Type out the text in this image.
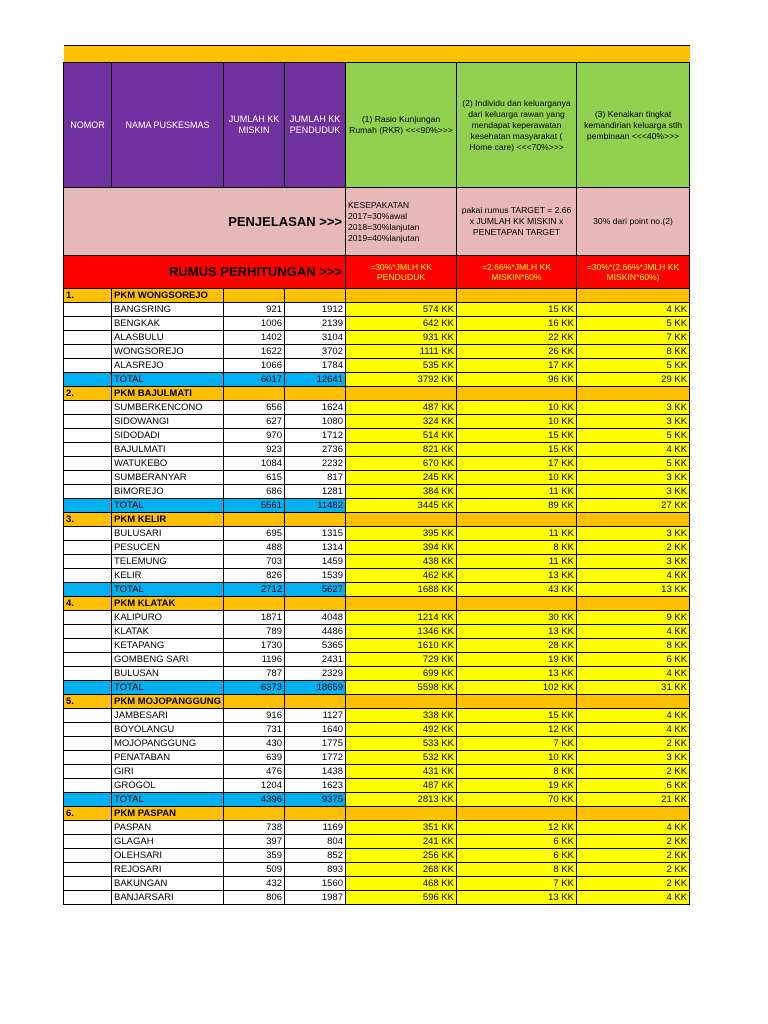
NOMOR	NAMA PUSKESMAS	JUMLAH KK MISKIN	JUMLAH KK PENDUDUK	(1) Rasio Kunjungan Rumah (RKR) <<<90%>>>	(2) Individu dan keluarganya dari keluarga rawan yang mendapat keperawatan kesehatan masyarakat ( Home care) <<<70%>>>	(3) Kenaikan tingkat kemandirian keluarga stlh pembinaan <<<40%>>>
PENJELASAN >>>				KESEPAKATAN 2017=30%awal 2018=30%lanjutan 2019=40%lanjutan	pakai rumus TARGET = 2.66 x JUMLAH KK MISKIN x PENETAPAN TARGET	30% dari point no.(2)
RUMUS PERHITUNGAN >>>				=30%*JMLH KK PENDUDUK	=2.66%*JMLH KK MISKIN*60%	=30%*(2.66%*JMLH KK MISKIN*60%)
1.	PKM WONGSOREJO					
	BANGSRING	921	1912	574 KK	15 KK	4 KK
	BENGKAK	1006	2139	642 KK	16 KK	5 KK
	ALASBULU	1402	3104	931 KK	22 KK	7 KK
	WONGSOREJO	1622	3702	1111 KK	26 KK	8 KK
	ALASREJO	1066	1784	535 KK	17 KK	5 KK
	TOTAL	6017	12641	3792 KK	96 KK	29 KK
2.	PKM BAJULMATI					
	SUMBERKENCONO	656	1624	487 KK	10 KK	3 KK
	SIDOWANGI	627	1080	324 KK	10 KK	3 KK
	SIDODADI	970	1712	514 KK	15 KK	5 KK
	BAJULMATI	923	2736	821 KK	15 KK	4 KK
	WATUKEBO	1084	2232	670 KK	17 KK	5 KK
	SUMBERANYAR	615	817	245 KK	10 KK	3 KK
	BIMOREJO	686	1281	384 KK	11 KK	3 KK
	TOTAL	5561	11482	3445 KK	89 KK	27 KK
3.	PKM KELIR					
	BULUSARI	695	1315	395 KK	11 KK	3 KK
	PESUCEN	488	1314	394 KK	8 KK	2 KK
	TELEMUNG	703	1459	438 KK	11 KK	3 KK
	KELIR	826	1539	462 KK	13 KK	4 KK
	TOTAL	2712	5627	1688 KK	43 KK	13 KK
4.	PKM KLATAK					
	KALIPURO	1871	4048	1214 KK	30 KK	9 KK
	KLATAK	789	4486	1346 KK	13 KK	4 KK
	KETAPANG	1730	5365	1610 KK	28 KK	8 KK
	GOMBENG SARI	1196	2431	729 KK	19 KK	6 KK
	BULUSAN	787	2329	699 KK	13 KK	4 KK
	TOTAL	6373	18659	5598 KK	102 KK	31 KK
5.	PKM MOJOPANGGUNG					
	JAMBESARI	916	1127	338 KK	15 KK	4 KK
	BOYOLANGU	731	1640	492 KK	12 KK	4 KK
	MOJOPANGGUNG	430	1775	533 KK	7 KK	2 KK
	PENATABAN	639	1772	532 KK	10 KK	3 KK
	GIRI	476	1438	431 KK	8 KK	2 KK
	GROGOL	1204	1623	487 KK	19 KK	6 KK
	TOTAL	4396	9375	2813 KK	70 KK	21 KK
6.	PKM PASPAN					
	PASPAN	738	1169	351 KK	12 KK	4 KK
	GLAGAH	397	804	241 KK	6 KK	2 KK
	OLEHSARI	359	852	256 KK	6 KK	2 KK
	REJOSARI	509	893	268 KK	8 KK	2 KK
	BAKUNGAN	432	1560	468 KK	7 KK	2 KK
	BANJARSARI	806	1987	596 KK	13 KK	4 KK
